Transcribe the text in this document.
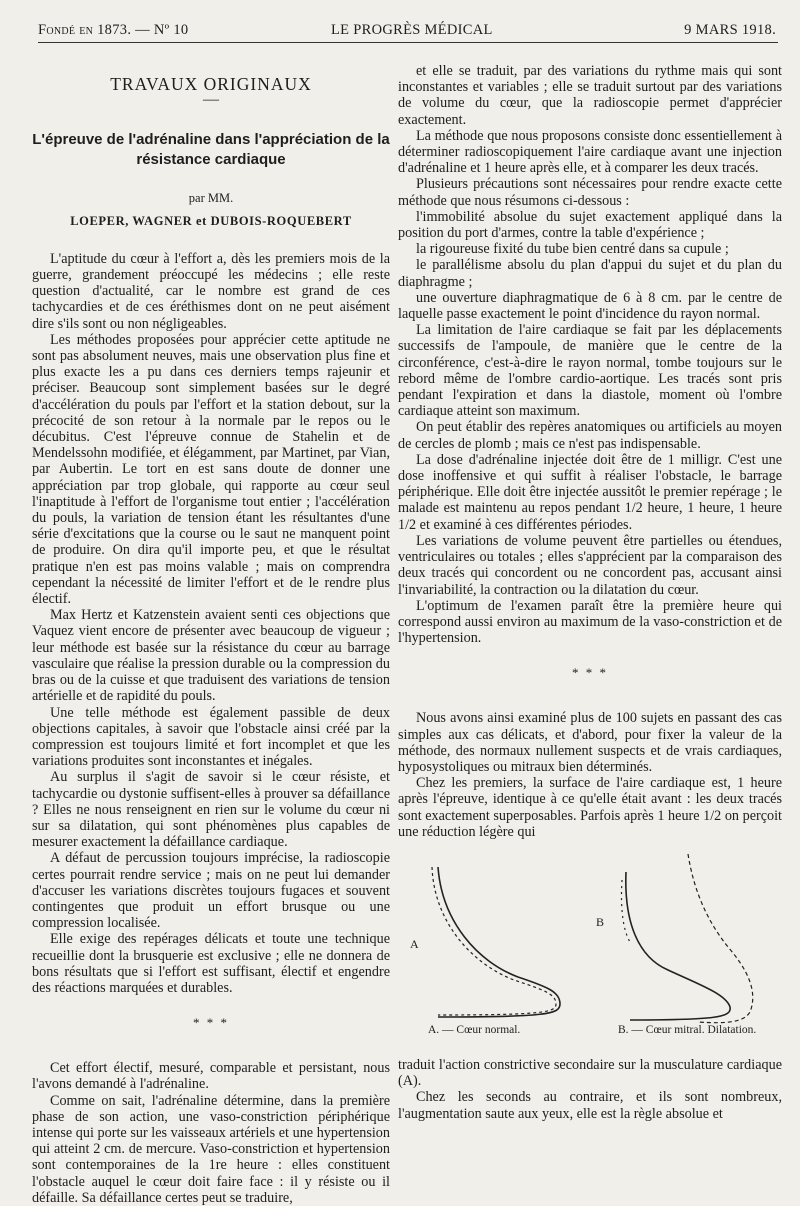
Fondé en 1873. — Nº 10	LE PROGRÈS MÉDICAL	9 MARS 1918.

TRAVAUX ORIGINAUX

—

L'épreuve de l'adrénaline dans l'appréciation de la résistance cardiaque

par MM.

LOEPER, WAGNER et DUBOIS-ROQUEBERT

L'aptitude du cœur à l'effort a, dès les premiers mois de la guerre, grandement préoccupé les médecins ; elle reste question d'actualité, car le nombre est grand de ces tachycardies et de ces éréthismes dont on ne peut aisément dire s'ils sont ou non négligeables.

Les méthodes proposées pour apprécier cette aptitude ne sont pas absolument neuves, mais une observation plus fine et plus exacte les a pu dans ces derniers temps rajeunir et préciser. Beaucoup sont simplement basées sur le degré d'accélération du pouls par l'effort et la station debout, sur la précocité de son retour à la normale par le repos ou le décubitus. C'est l'épreuve connue de Stahelin et de Mendelssohn modifiée, et élégamment, par Martinet, par Vian, par Aubertin. Le tort en est sans doute de donner une appréciation par trop globale, qui rapporte au cœur seul l'inaptitude à l'effort de l'organisme tout entier ; l'accélération du pouls, la variation de tension étant les résultantes d'une série d'excitations que la course ou le saut ne manquent point de produire. On dira qu'il importe peu, et que le résultat pratique n'en est pas moins valable ; mais on comprendra cependant la nécessité de limiter l'effort et de le rendre plus électif.

Max Hertz et Katzenstein avaient senti ces objections que Vaquez vient encore de présenter avec beaucoup de vigueur ; leur méthode est basée sur la résistance du cœur au barrage vasculaire que réalise la pression durable ou la compression du bras ou de la cuisse et que traduisent des variations de tension artérielle et de rapidité du pouls.

Une telle méthode est également passible de deux objections capitales, à savoir que l'obstacle ainsi créé par la compression est toujours limité et fort incomplet et que les variations produites sont inconstantes et inégales.

Au surplus il s'agit de savoir si le cœur résiste, et tachycardie ou dystonie suffisent-elles à prouver sa défaillance ? Elles ne nous renseignent en rien sur le volume du cœur ni sur sa dilatation, qui sont phénomènes plus capables de mesurer exactement la défaillance cardiaque.

A défaut de percussion toujours imprécise, la radioscopie certes pourrait rendre service ; mais on ne peut lui demander d'accuser les variations discrètes toujours fugaces et souvent contingentes que produit un effort brusque ou une compression localisée.

Elle exige des repérages délicats et toute une technique recueillie dont la brusquerie est exclusive ; elle ne donnera de bons résultats que si l'effort est suffisant, électif et engendre des réactions marquées et durables.

* * *

Cet effort électif, mesuré, comparable et persistant, nous l'avons demandé à l'adrénaline.

Comme on sait, l'adrénaline détermine, dans la première phase de son action, une vaso-constriction périphérique intense qui porte sur les vaisseaux artériels et une hypertension qui atteint 2 cm. de mercure. Vaso-constriction et hypertension sont contemporaines de la 1re heure : elles constituent l'obstacle auquel le cœur doit faire face : il y résiste ou il défaille. Sa défaillance certes peut se traduire,

et elle se traduit, par des variations du rythme mais qui sont inconstantes et variables ; elle se traduit surtout par des variations de volume du cœur, que la radioscopie permet d'apprécier exactement.

La méthode que nous proposons consiste donc essentiellement à déterminer radioscopiquement l'aire cardiaque avant une injection d'adrénaline et 1 heure après elle, et à comparer les deux tracés.

Plusieurs précautions sont nécessaires pour rendre exacte cette méthode que nous résumons ci-dessous :

l'immobilité absolue du sujet exactement appliqué dans la position du port d'armes, contre la table d'expérience ;

la rigoureuse fixité du tube bien centré dans sa cupule ;

le parallélisme absolu du plan d'appui du sujet et du plan du diaphragme ;

une ouverture diaphragmatique de 6 à 8 cm. par le centre de laquelle passe exactement le point d'incidence du rayon normal.

La limitation de l'aire cardiaque se fait par les déplacements successifs de l'ampoule, de manière que le centre de la circonférence, c'est-à-dire le rayon normal, tombe toujours sur le rebord même de l'ombre cardio-aortique. Les tracés sont pris pendant l'expiration et dans la diastole, moment où l'ombre cardiaque atteint son maximum.

On peut établir des repères anatomiques ou artificiels au moyen de cercles de plomb ; mais ce n'est pas indispensable.

La dose d'adrénaline injectée doit être de 1 milligr. C'est une dose inoffensive et qui suffit à réaliser l'obstacle, le barrage périphérique. Elle doit être injectée aussitôt le premier repérage ; le malade est maintenu au repos pendant 1/2 heure, 1 heure, 1 heure 1/2 et examiné à ces différentes périodes.

Les variations de volume peuvent être partielles ou étendues, ventriculaires ou totales ; elles s'apprécient par la comparaison des deux tracés qui concordent ou ne concordent pas, accusant ainsi l'invariabilité, la contraction ou la dilatation du cœur.

L'optimum de l'examen paraît être la première heure qui correspond aussi environ au maximum de la vaso-constriction et de l'hypertension.

* * *

Nous avons ainsi examiné plus de 100 sujets en passant des cas simples aux cas délicats, et d'abord, pour fixer la valeur de la méthode, des normaux nullement suspects et de vrais cardiaques, hyposystoliques ou mitraux bien déterminés.

Chez les premiers, la surface de l'aire cardiaque est, 1 heure après l'épreuve, identique à ce qu'elle était avant : les deux tracés sont exactement superposables. Parfois après 1 heure 1/2 on perçoit une réduction légère qui

A
B
A. — Cœur normal.	B. — Cœur mitral. Dilatation.

traduit l'action constrictive secondaire sur la musculature cardiaque (A).

Chez les seconds au contraire, et ils sont nombreux, l'augmentation saute aux yeux, elle est la règle absolue et
